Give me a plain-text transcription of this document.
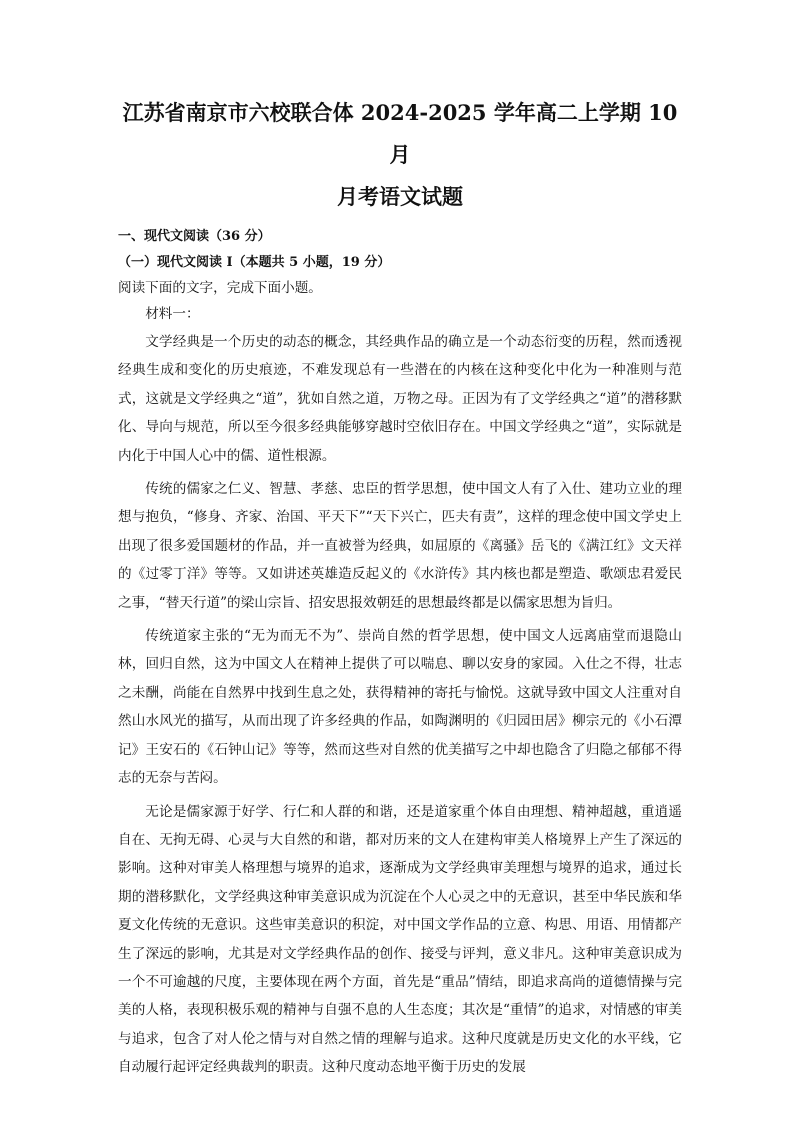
江苏省南京市六校联合体 2024-2025 学年高二上学期 10 月
月考语文试题

一、现代文阅读（36 分）

（一）现代文阅读 I（本题共 5 小题，19 分）

阅读下面的文字，完成下面小题。

材料一：

文学经典是一个历史的动态的概念，其经典作品的确立是一个动态衍变的历程，然而透视经典生成和变化的历史痕迹，不难发现总有一些潜在的内核在这种变化中化为一种准则与范式，这就是文学经典之“道”，犹如自然之道，万物之母。正因为有了文学经典之“道”的潜移默化、导向与规范，所以至今很多经典能够穿越时空依旧存在。中国文学经典之“道”，实际就是内化于中国人心中的儒、道性根源。

传统的儒家之仁义、智慧、孝慈、忠臣的哲学思想，使中国文人有了入仕、建功立业的理想与抱负，“修身、齐家、治国、平天下”“天下兴亡，匹夫有责”，这样的理念使中国文学史上出现了很多爱国题材的作品，并一直被誉为经典，如屈原的《离骚》岳飞的《满江红》文天祥的《过零丁洋》等等。又如讲述英雄造反起义的《水浒传》其内核也都是塑造、歌颂忠君爱民之事，“替天行道”的梁山宗旨、招安思报效朝廷的思想最终都是以儒家思想为旨归。

传统道家主张的“无为而无不为”、崇尚自然的哲学思想，使中国文人远离庙堂而退隐山林，回归自然，这为中国文人在精神上提供了可以喘息、聊以安身的家园。入仕之不得，壮志之未酬，尚能在自然界中找到生息之处，获得精神的寄托与愉悦。这就导致中国文人注重对自然山水风光的描写，从而出现了许多经典的作品，如陶渊明的《归园田居》柳宗元的《小石潭记》王安石的《石钟山记》等等，然而这些对自然的优美描写之中却也隐含了归隐之郁郁不得志的无奈与苦闷。

无论是儒家源于好学、行仁和人群的和谐，还是道家重个体自由理想、精神超越，重逍遥自在、无拘无碍、心灵与大自然的和谐，都对历来的文人在建构审美人格境界上产生了深远的影响。这种对审美人格理想与境界的追求，逐渐成为文学经典审美理想与境界的追求，通过长期的潜移默化，文学经典这种审美意识成为沉淀在个人心灵之中的无意识，甚至中华民族和华夏文化传统的无意识。这些审美意识的积淀，对中国文学作品的立意、构思、用语、用情都产生了深远的影响，尤其是对文学经典作品的创作、接受与评判，意义非凡。这种审美意识成为一个不可逾越的尺度，主要体现在两个方面，首先是“重品”情结，即追求高尚的道德情操与完美的人格，表现积极乐观的精神与自强不息的人生态度；其次是“重情”的追求，对情感的审美与追求，包含了对人伦之情与对自然之情的理解与追求。这种尺度就是历史文化的水平线，它自动履行起评定经典裁判的职责。这种尺度动态地平衡于历史的发展
